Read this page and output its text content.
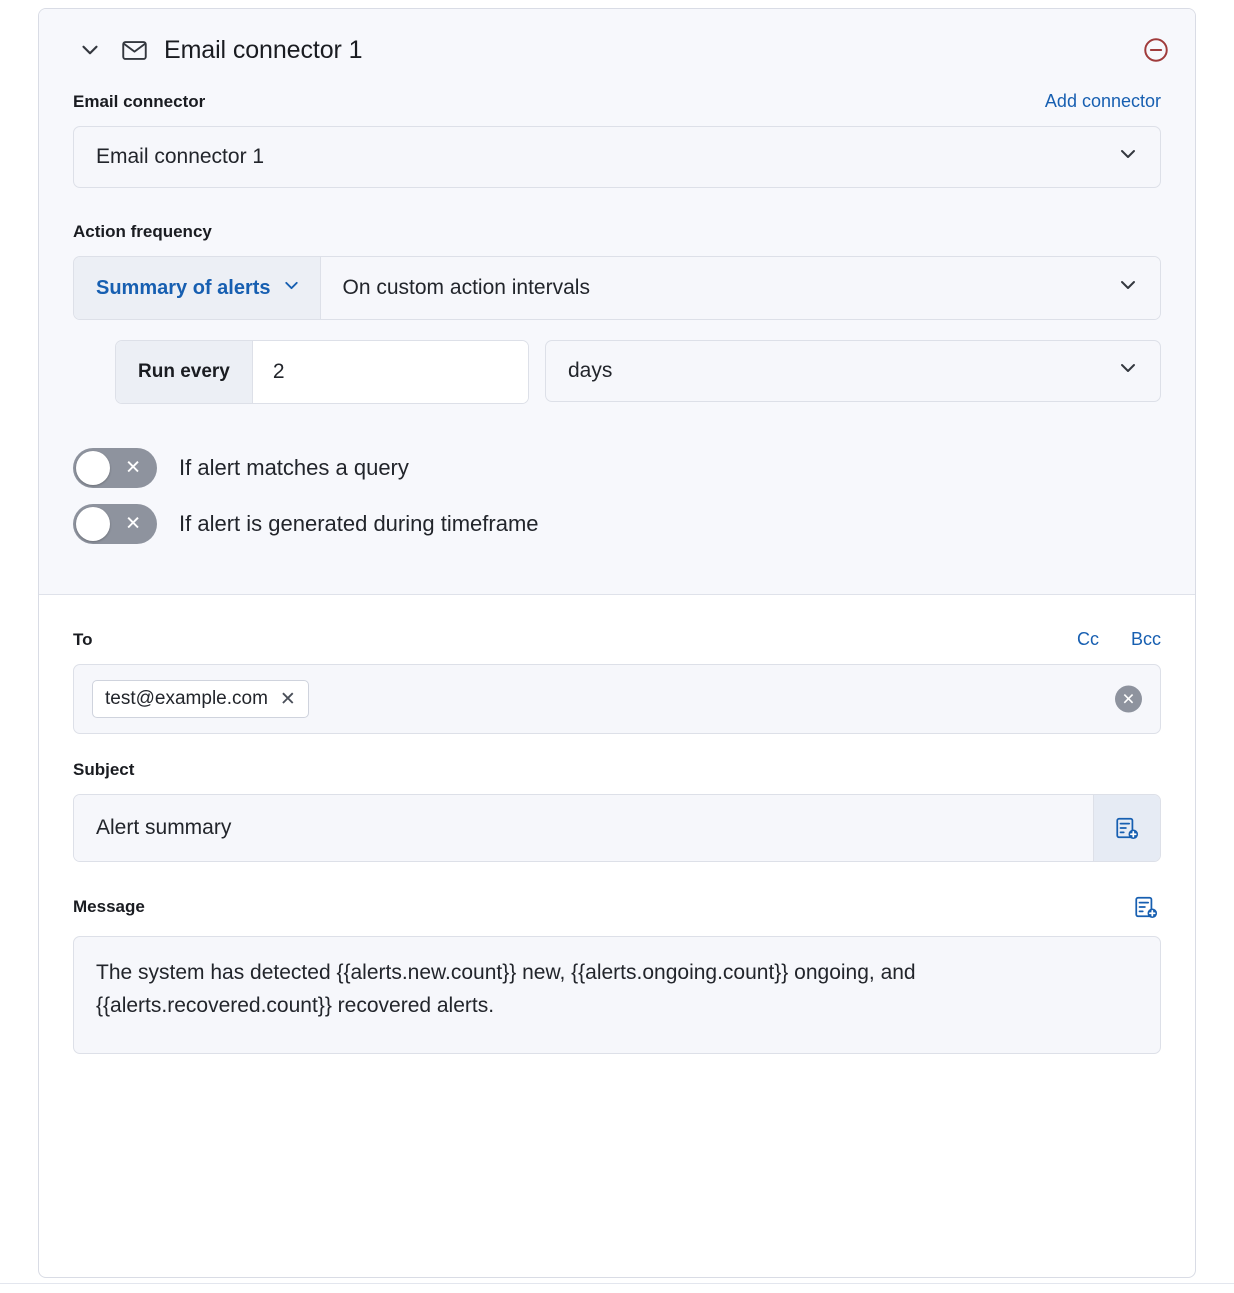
Email connector 1
Email connector	Add connector
Email connector 1
Action frequency
Summary of alerts	On custom action intervals
Run every
2	days
✕ If alert matches a query
✕ If alert is generated during timeframe
To	Cc Bcc
test@example.com ✕	✕
Subject
Alert summary
Message
The system has detected {{alerts.new.count}} new, {{alerts.ongoing.count}} ongoing, and {{alerts.recovered.count}} recovered alerts.
